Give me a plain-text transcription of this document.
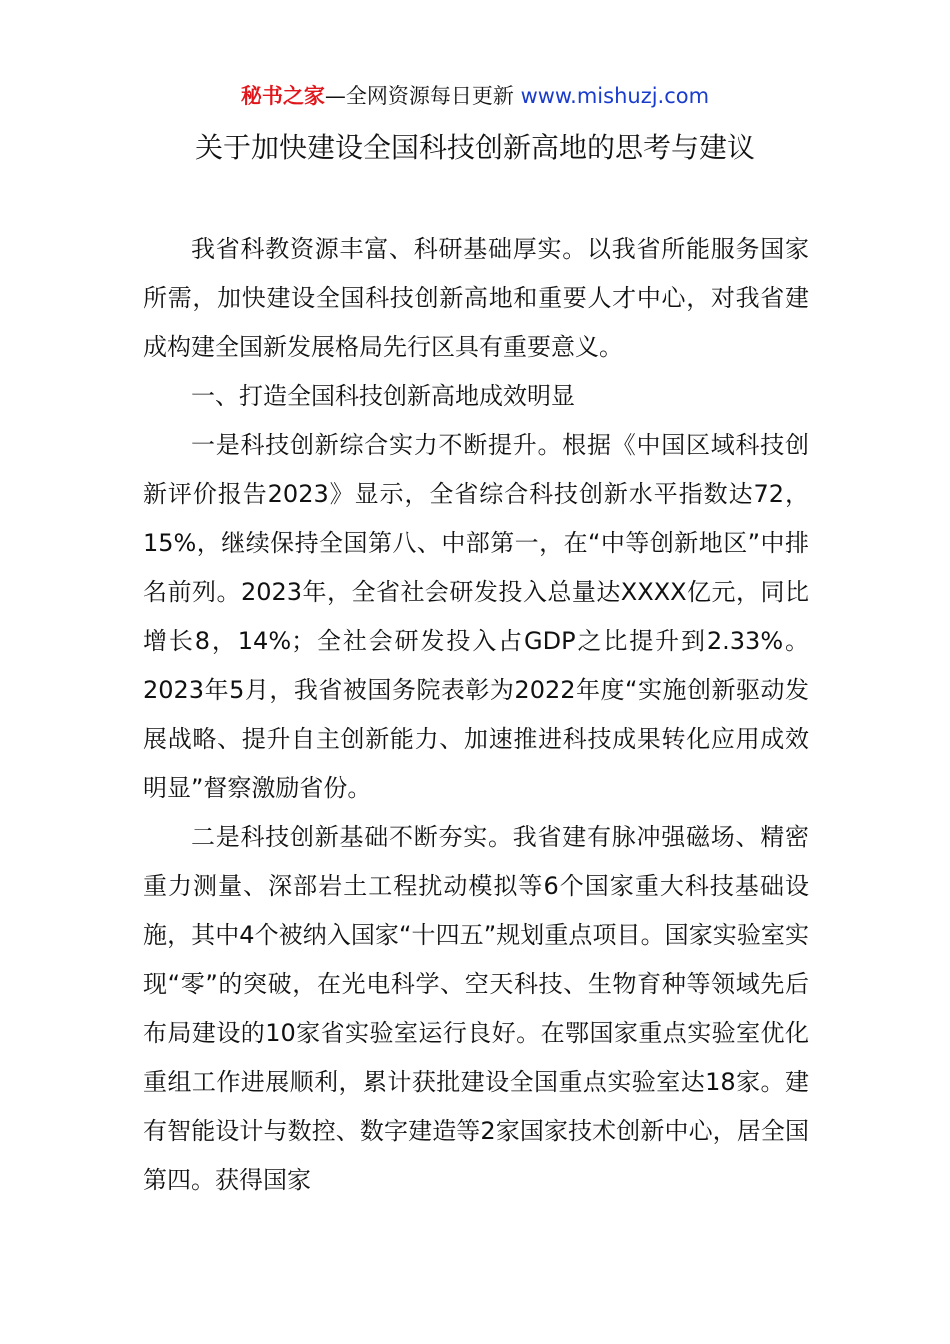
秘书之家—全网资源每日更新 www.mishuzj.com
关于加快建设全国科技创新高地的思考与建议

我省科教资源丰富、科研基础厚实。以我省所能服务国家所需，加快建设全国科技创新高地和重要人才中心，对我省建成构建全国新发展格局先行区具有重要意义。

一、打造全国科技创新高地成效明显

一是科技创新综合实力不断提升。根据《中国区域科技创新评价报告2023》显示，全省综合科技创新水平指数达72，15%，继续保持全国第八、中部第一，在“中等创新地区”中排名前列。2023年，全省社会研发投入总量达XXXX亿元，同比增长8，14%；全社会研发投入占GDP之比提升到2.33%。2023年5月，我省被国务院表彰为2022年度“实施创新驱动发展战略、提升自主创新能力、加速推进科技成果转化应用成效明显”督察激励省份。

二是科技创新基础不断夯实。我省建有脉冲强磁场、精密重力测量、深部岩土工程扰动模拟等6个国家重大科技基础设施，其中4个被纳入国家“十四五”规划重点项目。国家实验室实现“零”的突破，在光电科学、空天科技、生物育种等领域先后布局建设的10家省实验室运行良好。在鄂国家重点实验室优化重组工作进展顺利，累计获批建设全国重点实验室达18家。建有智能设计与数控、数字建造等2家国家技术创新中心，居全国第四。获得国家
